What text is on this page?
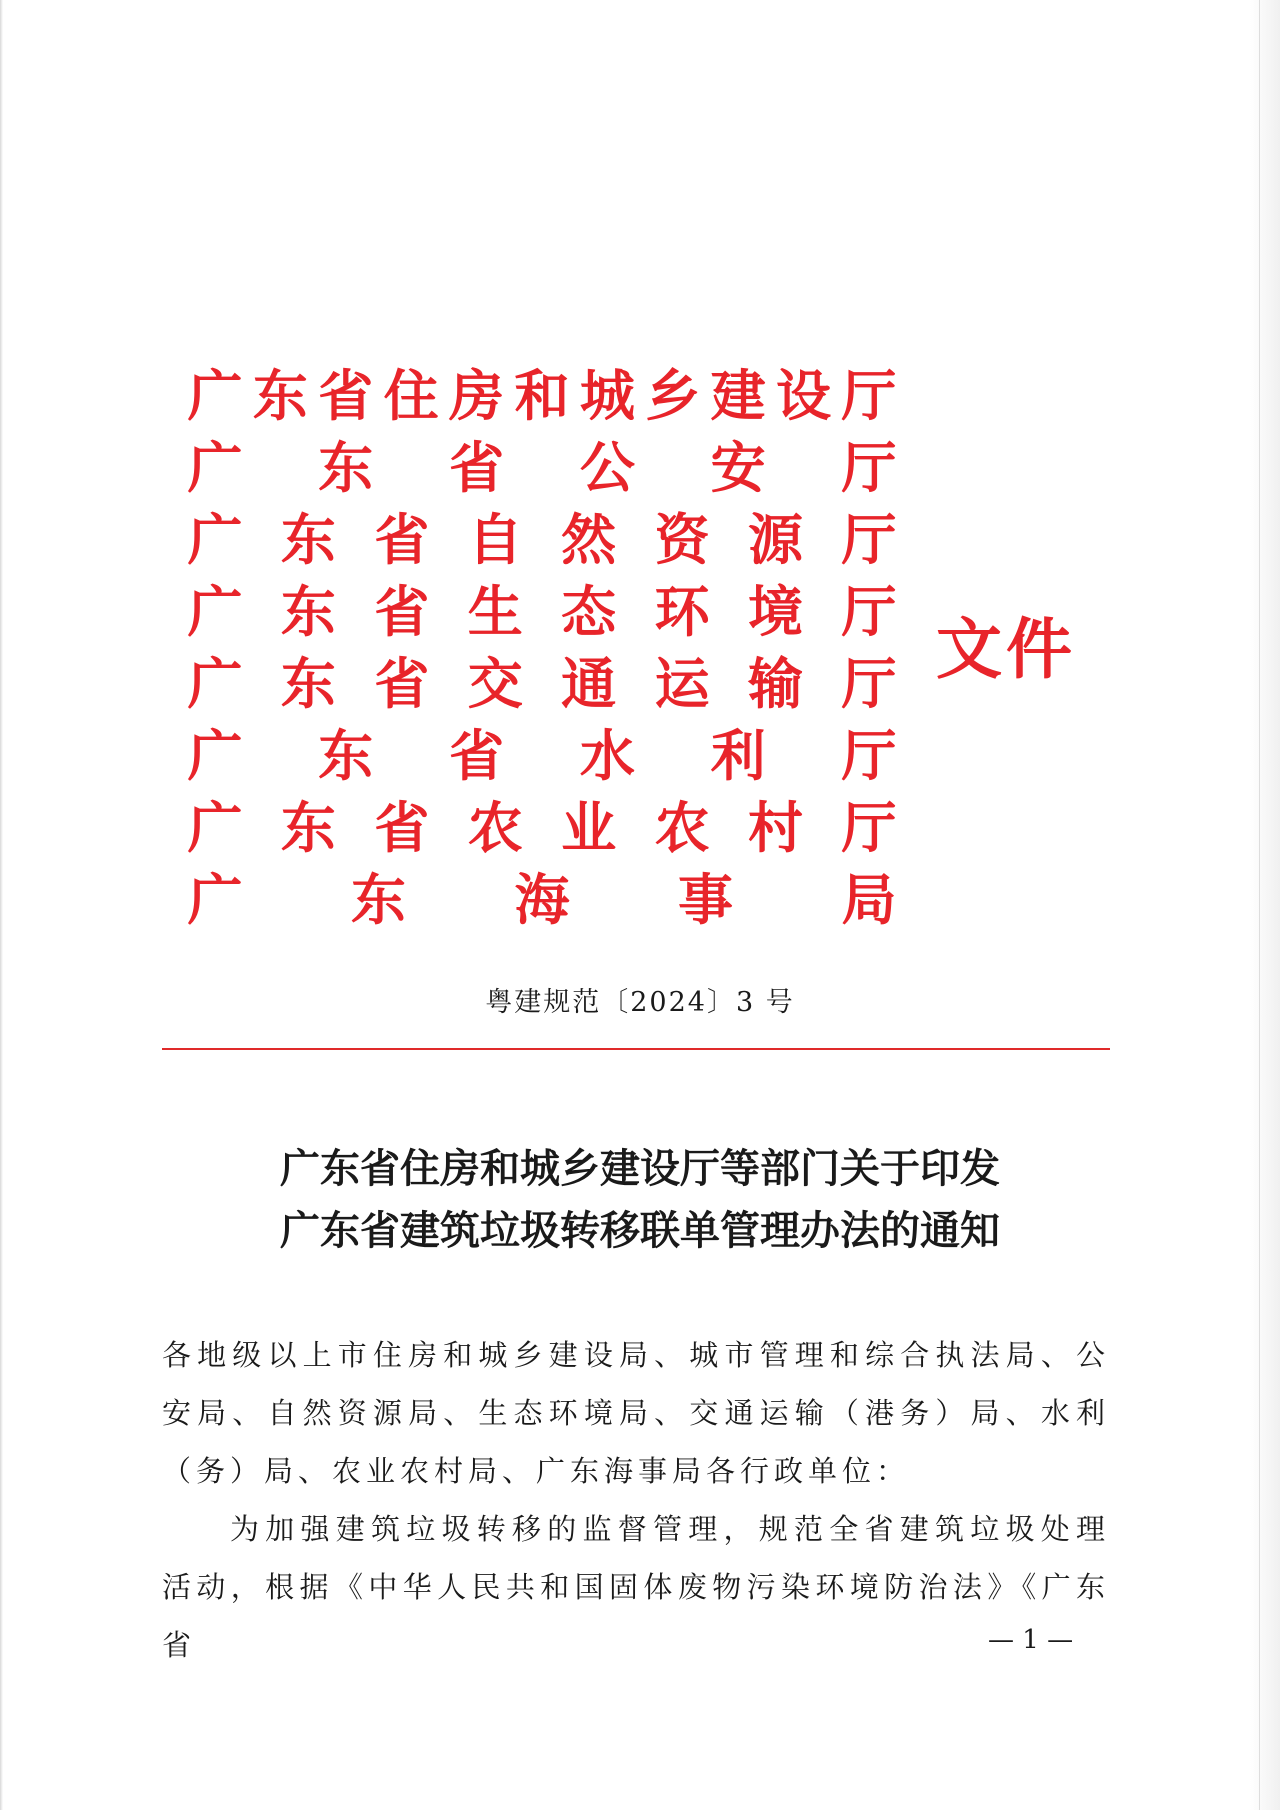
广 东 省 住 房 和 城 乡 建 设 厅
广 东 省 公 安 厅
广 东 省 自 然 资 源 厅
广 东 省 生 态 环 境 厅
广 东 省 交 通 运 输 厅
广 东 省 水 利 厅
广 东 省 农 业 农 村 厅
广 东 海 事 局
文件
粤建规范〔2024〕3 号
广东省住房和城乡建设厅等部门关于印发
广东省建筑垃圾转移联单管理办法的通知

各地级以上市住房和城乡建设局、城市管理和综合执法局、公安局、自然资源局、生态环境局、交通运输（港务）局、水利（务）局、农业农村局、广东海事局各行政单位：

为加强建筑垃圾转移的监督管理，规范全省建筑垃圾处理活动，根据《中华人民共和国固体废物污染环境防治法》《广东省	— 1 —
